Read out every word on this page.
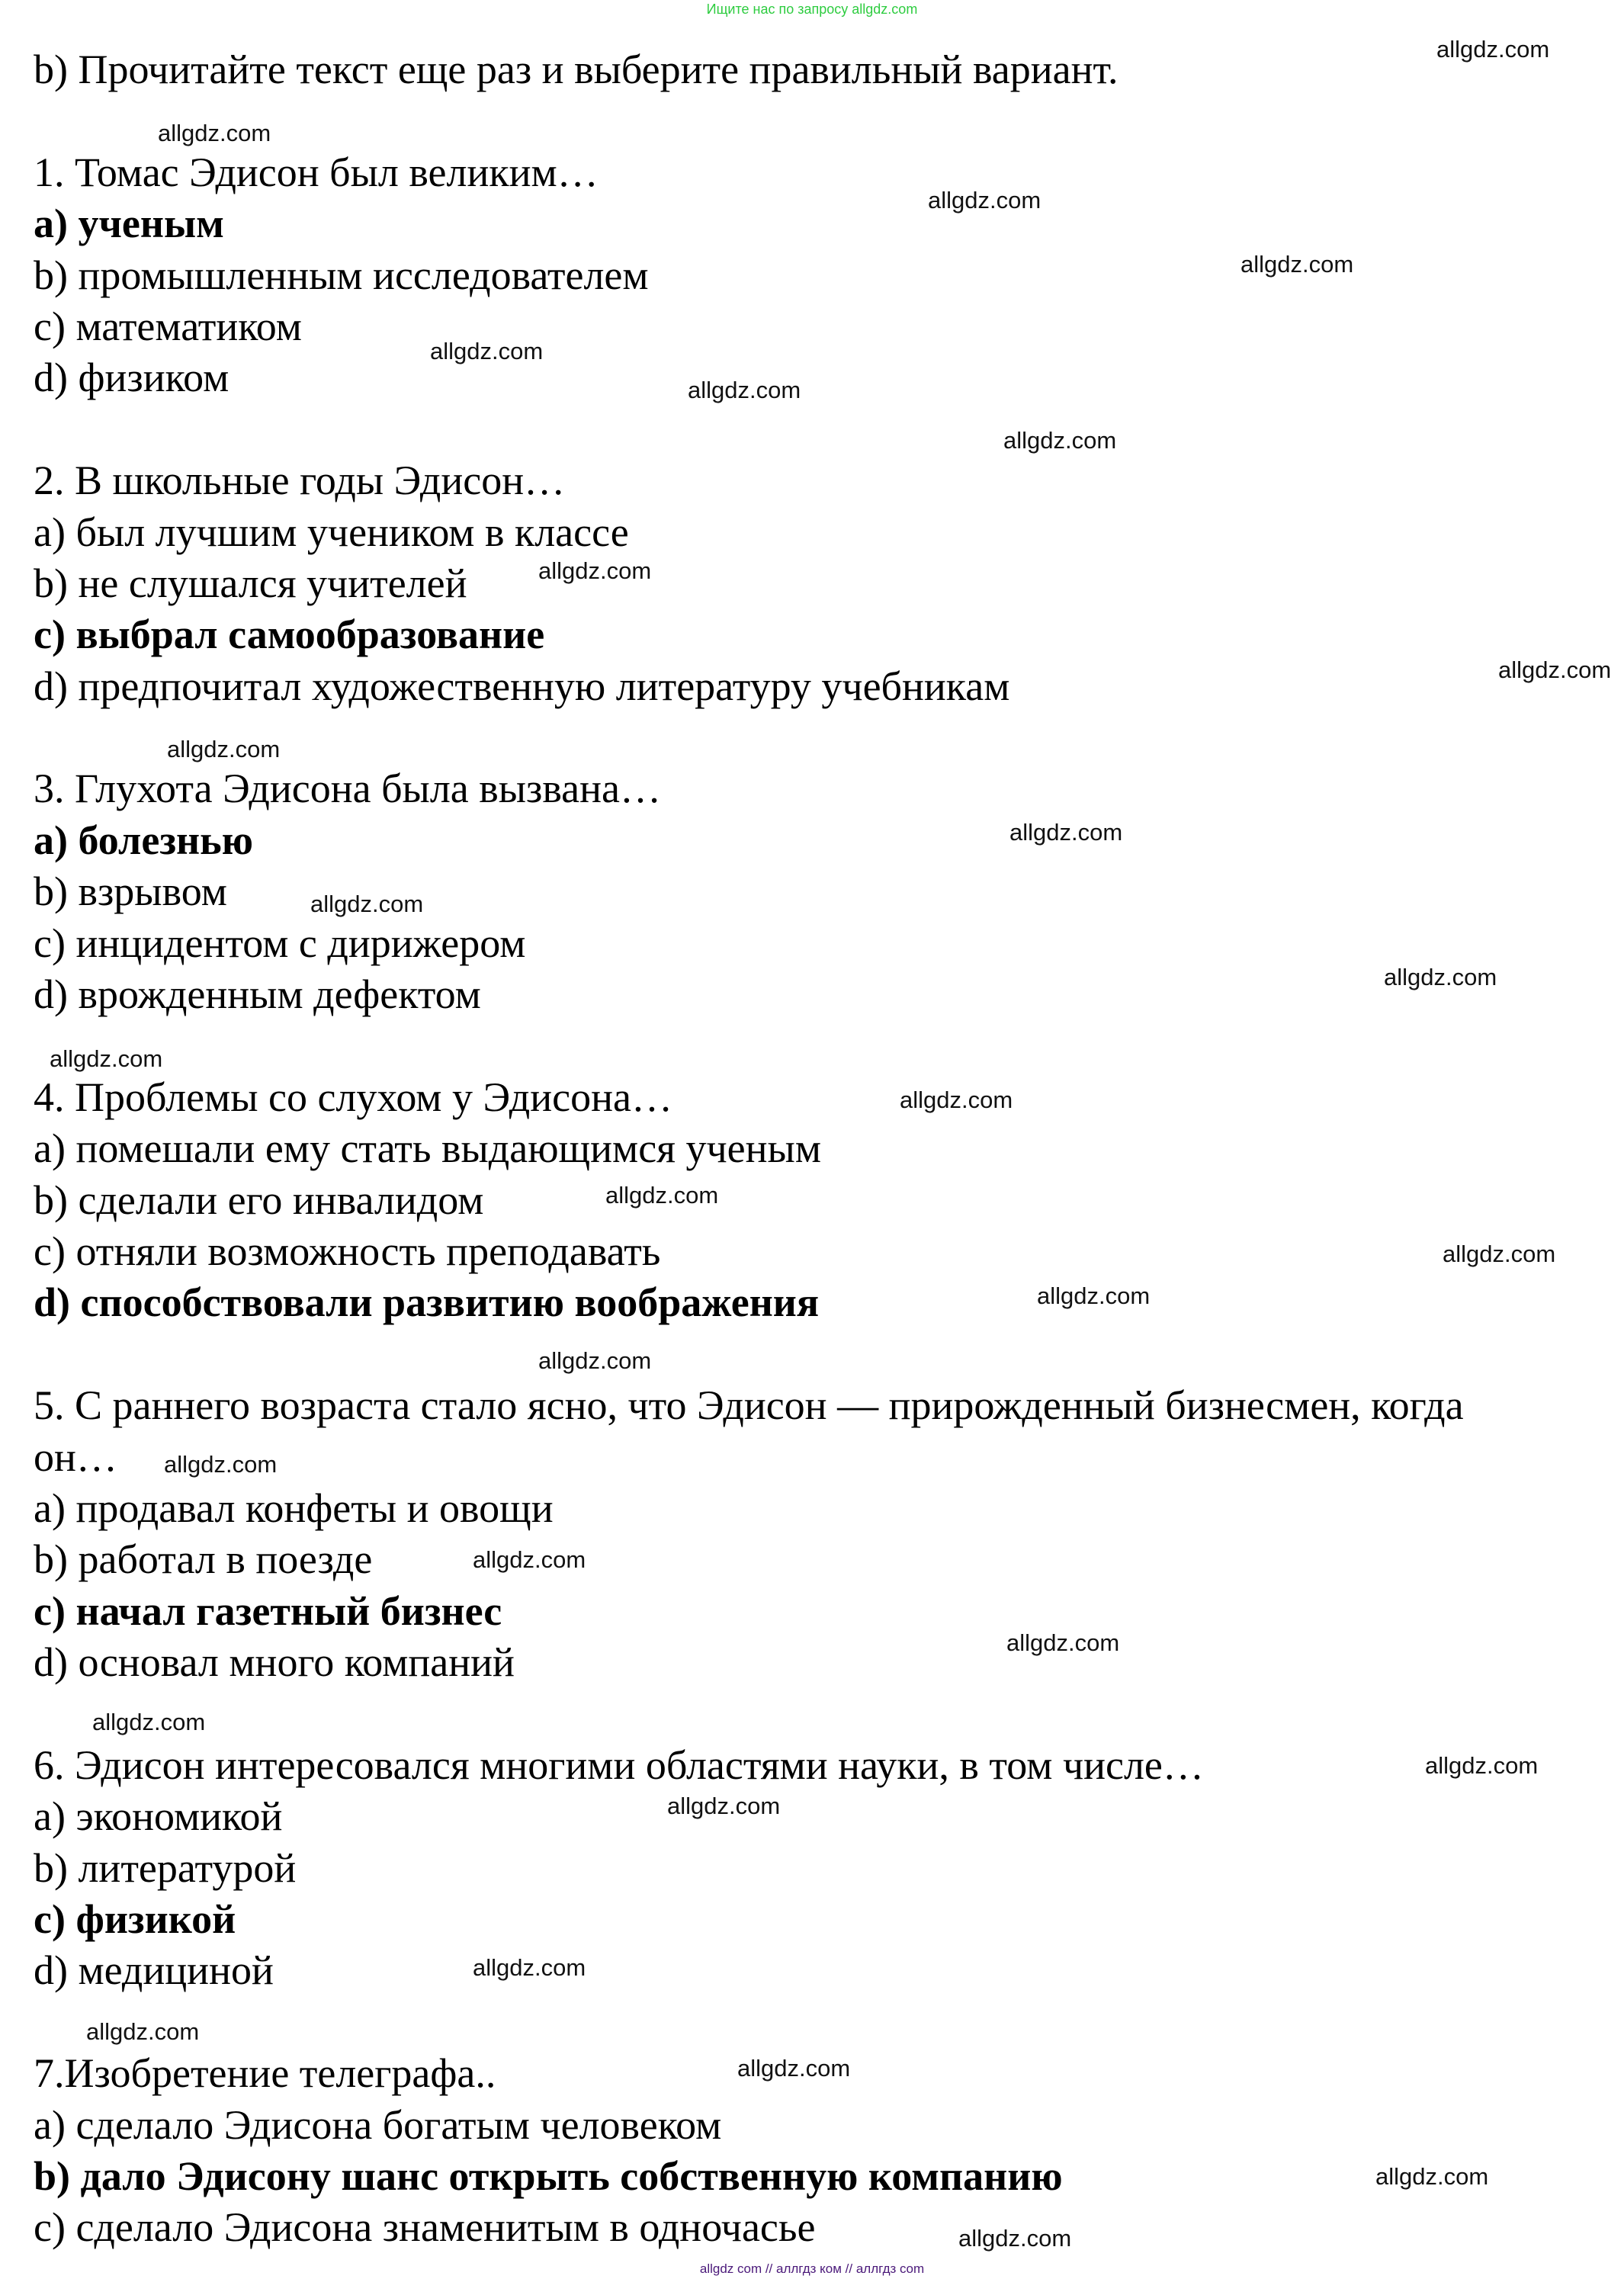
Ищите нас по запросу allgdz.com
b) Прочитайте текст еще раз и выберите правильный вариант.
1. Томас Эдисон был великим…
a) ученым
b) промышленным исследователем
c) математиком
d) физиком
2. В школьные годы Эдисон…
a) был лучшим учеником в классе
b) не слушался учителей
c) выбрал самообразование
d) предпочитал художественную литературу учебникам
3. Глухота Эдисона была вызвана…
a) болезнью
b) взрывом
c) инцидентом с дирижером
d) врожденным дефектом
4. Проблемы со слухом у Эдисона…
a) помешали ему стать выдающимся ученым
b) сделали его инвалидом
c) отняли возможность преподавать
d) способствовали развитию воображения
5. С раннего возраста стало ясно, что Эдисон — прирожденный бизнесмен, когда
он…
a) продавал конфеты и овощи
b) работал в поезде
c) начал газетный бизнес
d) основал много компаний
6. Эдисон интересовался многими областями науки, в том числе…
a) экономикой
b) литературой
c) физикой
d) медициной
7.Изобретение телеграфа..
a) сделало Эдисона богатым человеком
b) дало Эдисону шанс открыть собственную компанию
c) сделало Эдисона знаменитым в одночасье
allgdz.com
allgdz.com
allgdz.com
allgdz.com
allgdz.com
allgdz.com
allgdz.com
allgdz.com
allgdz.com
allgdz.com
allgdz.com
allgdz.com
allgdz.com
allgdz.com
allgdz.com
allgdz.com
allgdz.com
allgdz.com
allgdz.com
allgdz.com
allgdz.com
allgdz.com
allgdz.com
allgdz.com
allgdz.com
allgdz.com
allgdz.com
allgdz.com
allgdz.com
allgdz.com
allgdz com // аллгдз ком // аллгдз com
